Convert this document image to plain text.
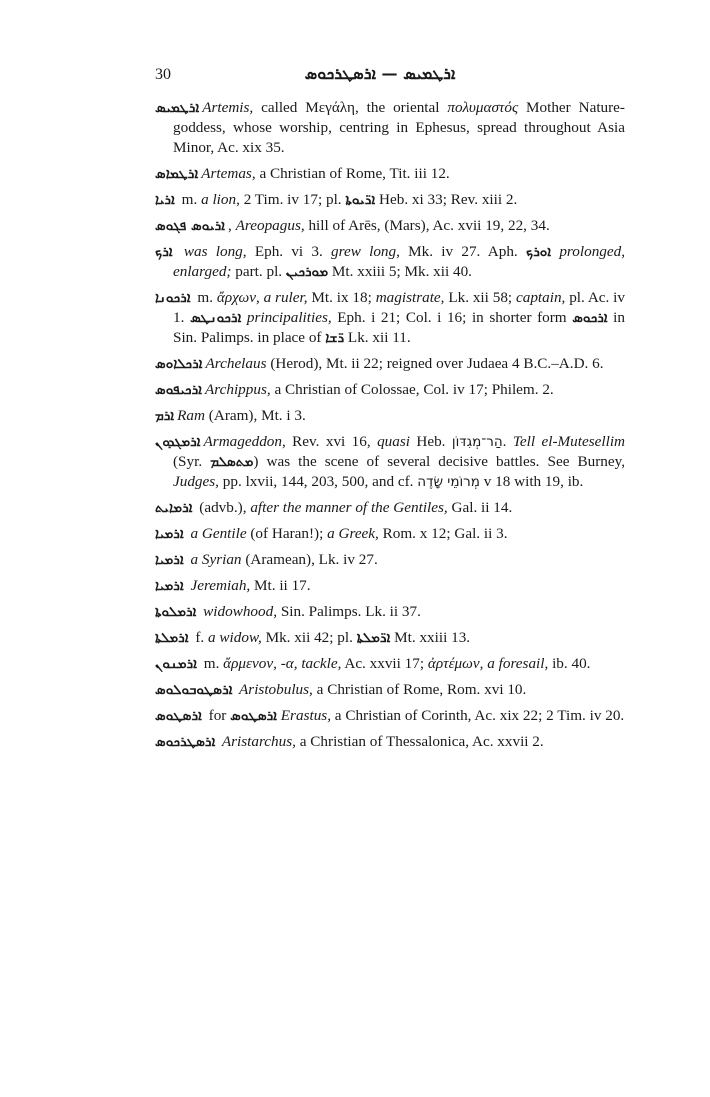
30	ܐܪܛܡܝܣ — ܐܪܣܛܪܟܘܣ

ܐܪܛܡܝܣ  Artemis, called Μεγάλη, the oriental πολυμαστός Mother Nature-goddess, whose worship, centring in Ephesus, spread throughout Asia Minor, Ac. xix 35.

ܐܪܛܡܐܣ  Artemas, a Christian of Rome, Tit. iii 12.

ܐܪܝܐ  m. a lion, 2 Tim. iv 17; pl. ܐܪ̈ܝܘܬܐ Heb. xi 33; Rev. xiii 2.

ܐܪܝܘܣ ܦܓܘܣ  , Areopagus, hill of Arēs, (Mars), Ac. xvii 19, 22, 34.

ܐܪܟ  was long, Eph. vi 3. grew long, Mk. iv 27. Aph. ܐܘܪܟ prolonged, enlarged; part. pl. ܡܘܪܟܝܢ Mt. xxiii 5; Mk. xii 40.

ܐܪܟܘܢܐ  m. ἄρχων, a ruler, Mt. ix 18; magistrate, Lk. xii 58; captain, pl. Ac. iv 1. ܐܪܟܘܢܛܣ principalities, Eph. i 21; Col. i 16; in shorter form ܐܪܟܘܣ in Sin. Palimps. in place of ܪ̈ܫܐ Lk. xii 11.

ܐܪܟܠܐܘܣ  Archelaus (Herod), Mt. ii 22; reigned over Judaea 4 B.C.–A.D. 6.

ܐܪܟܝܦܘܣ  Archippus, a Christian of Colossae, Col. iv 17; Philem. 2.

ܐܪܡ  Ram (Aram), Mt. i 3.

ܐܪܡܓܕܘܢ  Armageddon, Rev. xvi 16, quasi Heb. הַר־מְגִדּוֹן. Tell el-Mutesellim (Syr. ܡܬܣܠܡ) was the scene of several decisive battles. See Burney, Judges, pp. lxvii, 144, 203, 500, and cf. מְרוֹמֵי שָׂדֶה v 18 with 19, ib.

ܐܪܡܐܝܬ  (advb.), after the manner of the Gentiles, Gal. ii 14.

ܐܪܡܝܐ  a Gentile (of Haran!); a Greek, Rom. x 12; Gal. ii 3.

ܐܪܡܝܐ  a Syrian (Aramean), Lk. iv 27.

ܐܪܡܝܐ  Jeremiah, Mt. ii 17.

ܐܪܡܠܘܬܐ  widowhood, Sin. Palimps. Lk. ii 37.

ܐܪܡܠܬܐ  f. a widow, Mk. xii 42; pl. ܐܪ̈ܡܠܬܐ Mt. xxiii 13.

ܐܪܡܢܘܢ  m. ἄρμενον, -α, tackle, Ac. xxvii 17; ἀρτέμων, a foresail, ib. 40.

ܐܪܣܛܘܒܘܠܘܣ  Aristobulus, a Christian of Rome, Rom. xvi 10.

ܐܪܣܛܘܣ  for ܐܪܣܛܘܣ Erastus, a Christian of Corinth, Ac. xix 22; 2 Tim. iv 20.

ܐܪܣܛܪܟܘܣ  Aristarchus, a Christian of Thessalonica, Ac. xxvii 2.
